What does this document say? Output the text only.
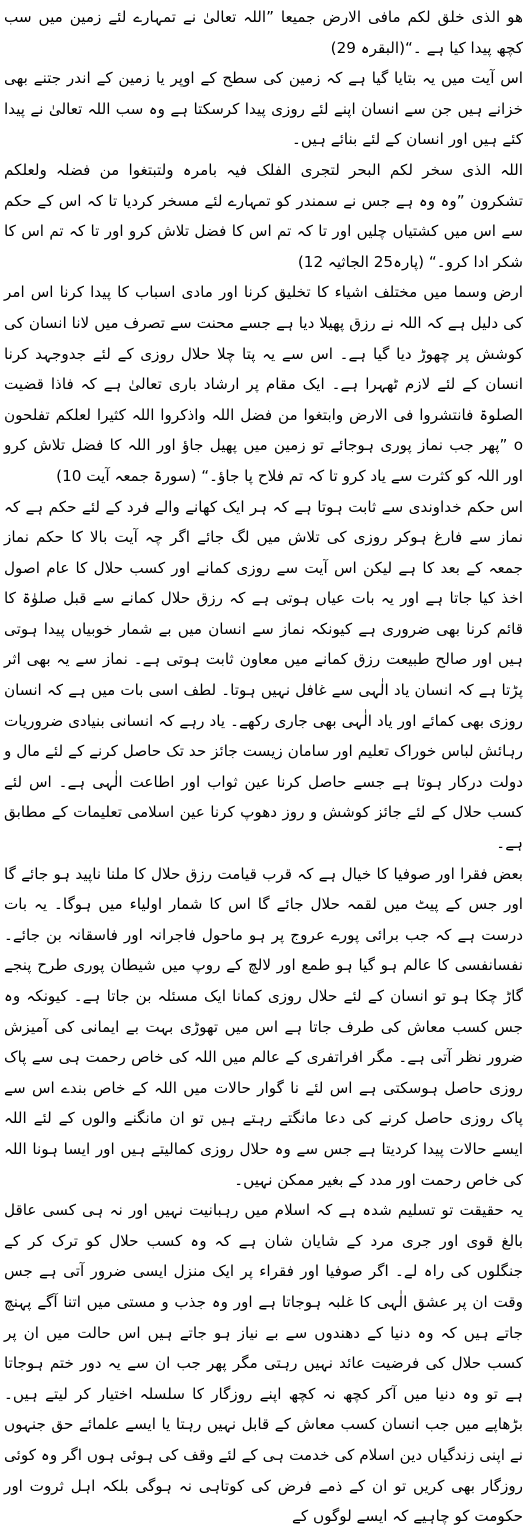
ھو الذی خلق لکم مافی الارض جمیعا ”اللہ تعالیٰ نے تمہارے لئے زمین میں سب کچھ پیدا کیا ہے ۔“(البقرہ 29)

اس آیت میں یہ بتایا گیا ہے کہ زمین کی سطح کے اوپر یا زمین کے اندر جتنے بھی خزانے ہیں جن سے انسان اپنے لئے روزی پیدا کرسکتا ہے وہ سب اللہ تعالیٰ نے پیدا کئے ہیں اور انسان کے لئے بنائے ہیں۔

اللہ الذی سخر لکم البحر لتجری الفلک فیہ بامرہ ولتبتغوا من فضلہ ولعلکم تشکرون ”وہ وہ ہے جس نے سمندر کو تمہارے لئے مسخر کردیا تا کہ اس کے حکم سے اس میں کشتیاں چلیں اور تا کہ تم اس کا فضل تلاش کرو اور تا کہ تم اس کا شکر ادا کرو۔“ (پارہ25 الجاثیہ 12)

ارض وسما میں مختلف اشیاء کا تخلیق کرنا اور مادی اسباب کا پیدا کرنا اس امر کی دلیل ہے کہ اللہ نے رزق پھیلا دیا ہے جسے محنت سے تصرف میں لانا انسان کی کوشش پر چھوڑ دیا گیا ہے۔ اس سے یہ پتا چلا حلال روزی کے لئے جدوجہد کرنا انسان کے لئے لازم ٹھہرا ہے۔ ایک مقام پر ارشاد باری تعالیٰ ہے کہ فاذا قضیت الصلوۃ فانتشروا فی الارض وابتغوا من فضل اللہ واذکروا اللہ کثیرا لعلکم تفلحون o ”پھر جب نماز پوری ہوجائے تو زمین میں پھیل جاؤ اور اللہ کا فضل تلاش کرو اور اللہ کو کثرت سے یاد کرو تا کہ تم فلاح پا جاؤ۔“ (سورۃ جمعہ آیت 10)

اس حکم خداوندی سے ثابت ہوتا ہے کہ ہر ایک کھانے والے فرد کے لئے حکم ہے کہ نماز سے فارغ ہوکر روزی کی تلاش میں لگ جائے اگر چہ آیت بالا کا حکم نماز جمعہ کے بعد کا ہے لیکن اس آیت سے روزی کمانے اور کسب حلال کا عام اصول اخذ کیا جاتا ہے اور یہ بات عیاں ہوتی ہے کہ رزق حلال کمانے سے قبل صلوٰۃ کا قائم کرنا بھی ضروری ہے کیونکہ نماز سے انسان میں بے شمار خوبیاں پیدا ہوتی ہیں اور صالح طبیعت رزق کمانے میں معاون ثابت ہوتی ہے۔ نماز سے یہ بھی اثر پڑتا ہے کہ انسان یاد الٰہی سے غافل نہیں ہوتا۔ لطف اسی بات میں ہے کہ انسان روزی بھی کمائے اور یاد الٰہی بھی جاری رکھے۔ یاد رہے کہ انسانی بنیادی ضروریات رہائش لباس خوراک تعلیم اور سامان زیست جائز حد تک حاصل کرنے کے لئے مال و دولت درکار ہوتا ہے جسے حاصل کرنا عین ثواب اور اطاعت الٰہی ہے۔ اس لئے کسب حلال کے لئے جائز کوشش و روز دھوپ کرنا عین اسلامی تعلیمات کے مطابق ہے۔

بعض فقرا اور صوفیا کا خیال ہے کہ قرب قیامت رزق حلال کا ملنا ناپید ہو جائے گا اور جس کے پیٹ میں لقمہ حلال جائے گا اس کا شمار اولیاء میں ہوگا۔ یہ بات درست ہے کہ جب برائی پورے عروج پر ہو ماحول فاجرانہ اور فاسقانہ بن جائے۔ نفسانفسی کا عالم ہو گیا ہو طمع اور لالچ کے روپ میں شیطان پوری طرح پنجے گاڑ چکا ہو تو انسان کے لئے حلال روزی کمانا ایک مسئلہ بن جاتا ہے۔ کیونکہ وہ جس کسب معاش کی طرف جاتا ہے اس میں تھوڑی بہت بے ایمانی کی آمیزش ضرور نظر آتی ہے۔ مگر افراتفری کے عالم میں اللہ کی خاص رحمت ہی سے پاک روزی حاصل ہوسکتی ہے اس لئے نا گوار حالات میں اللہ کے خاص بندے اس سے پاک روزی حاصل کرنے کی دعا مانگتے رہتے ہیں تو ان مانگنے والوں کے لئے اللہ ایسے حالات پیدا کردیتا ہے جس سے وہ حلال روزی کمالیتے ہیں اور ایسا ہونا اللہ کی خاص رحمت اور مدد کے بغیر ممکن نہیں۔

یہ حقیقت تو تسلیم شدہ ہے کہ اسلام میں رہبانیت نہیں اور نہ ہی کسی عاقل بالغ قوی اور جری مرد کے شایان شان ہے کہ وہ کسب حلال کو ترک کر کے جنگلوں کی راہ لے۔ اگر صوفیا اور فقراء پر ایک منزل ایسی ضرور آتی ہے جس وقت ان پر عشق الٰہی کا غلبہ ہوجاتا ہے اور وہ جذب و مستی میں اتنا آگے پہنچ جاتے ہیں کہ وہ دنیا کے دھندوں سے بے نیاز ہو جاتے ہیں اس حالت میں ان پر کسب حلال کی فرضیت عائد نہیں رہتی مگر پھر جب ان سے یہ دور ختم ہوجاتا ہے تو وہ دنیا میں آکر کچھ نہ کچھ اپنے روزگار کا سلسلہ اختیار کر لیتے ہیں۔ بڑھاپے میں جب انسان کسب معاش کے قابل نہیں رہتا یا ایسے علمائے حق جنہوں نے اپنی زندگیاں دین اسلام کی خدمت ہی کے لئے وقف کی ہوئی ہوں اگر وہ کوئی روزگار بھی کریں تو ان کے ذمے فرض کی کوتاہی نہ ہوگی بلکہ اہل ثروت اور حکومت کو چاہیے کہ ایسے لوگوں کے
